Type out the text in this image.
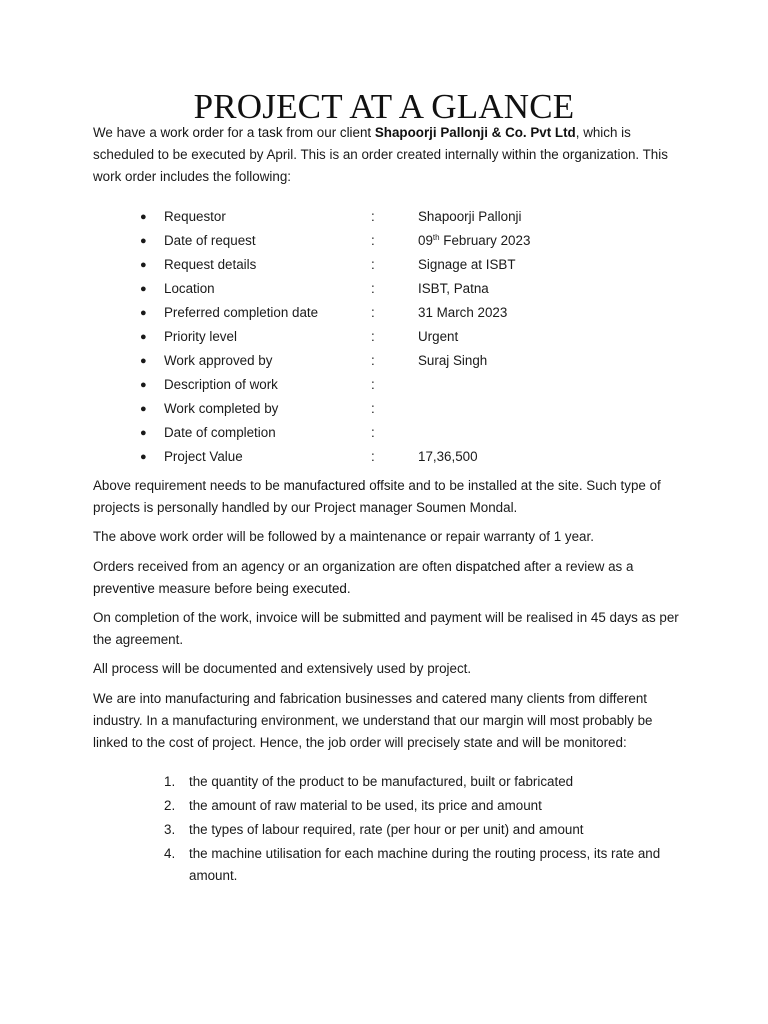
PROJECT AT A GLANCE
We have a work order for a task from our client Shapoorji Pallonji & Co. Pvt Ltd, which is scheduled to be executed by April. This is an order created internally within the organization. This work order includes the following:
● Requestor	:	Shapoorji Pallonji
● Date of request	:	09th February 2023
● Request details	:	Signage at ISBT
● Location	:	ISBT, Patna
● Preferred completion date	:	31 March 2023
● Priority level	:	Urgent
● Work approved by	:	Suraj Singh
● Description of work	:
● Work completed by	:
● Date of completion	:
● Project Value	:	17,36,500
Above requirement needs to be manufactured offsite and to be installed at the site. Such type of projects is personally handled by our Project manager Soumen Mondal.
The above work order will be followed by a maintenance or repair warranty of 1 year.
Orders received from an agency or an organization are often dispatched after a review as a preventive measure before being executed.
On completion of the work, invoice will be submitted and payment will be realised in 45 days as per the agreement.
All process will be documented and extensively used by project.
We are into manufacturing and fabrication businesses and catered many clients from different industry. In a manufacturing environment, we understand that our margin will most probably be linked to the cost of project. Hence, the job order will precisely state and will be monitored:
1. the quantity of the product to be manufactured, built or fabricated
2. the amount of raw material to be used, its price and amount
3. the types of labour required, rate (per hour or per unit) and amount
4. the machine utilisation for each machine during the routing process, its rate and amount.
